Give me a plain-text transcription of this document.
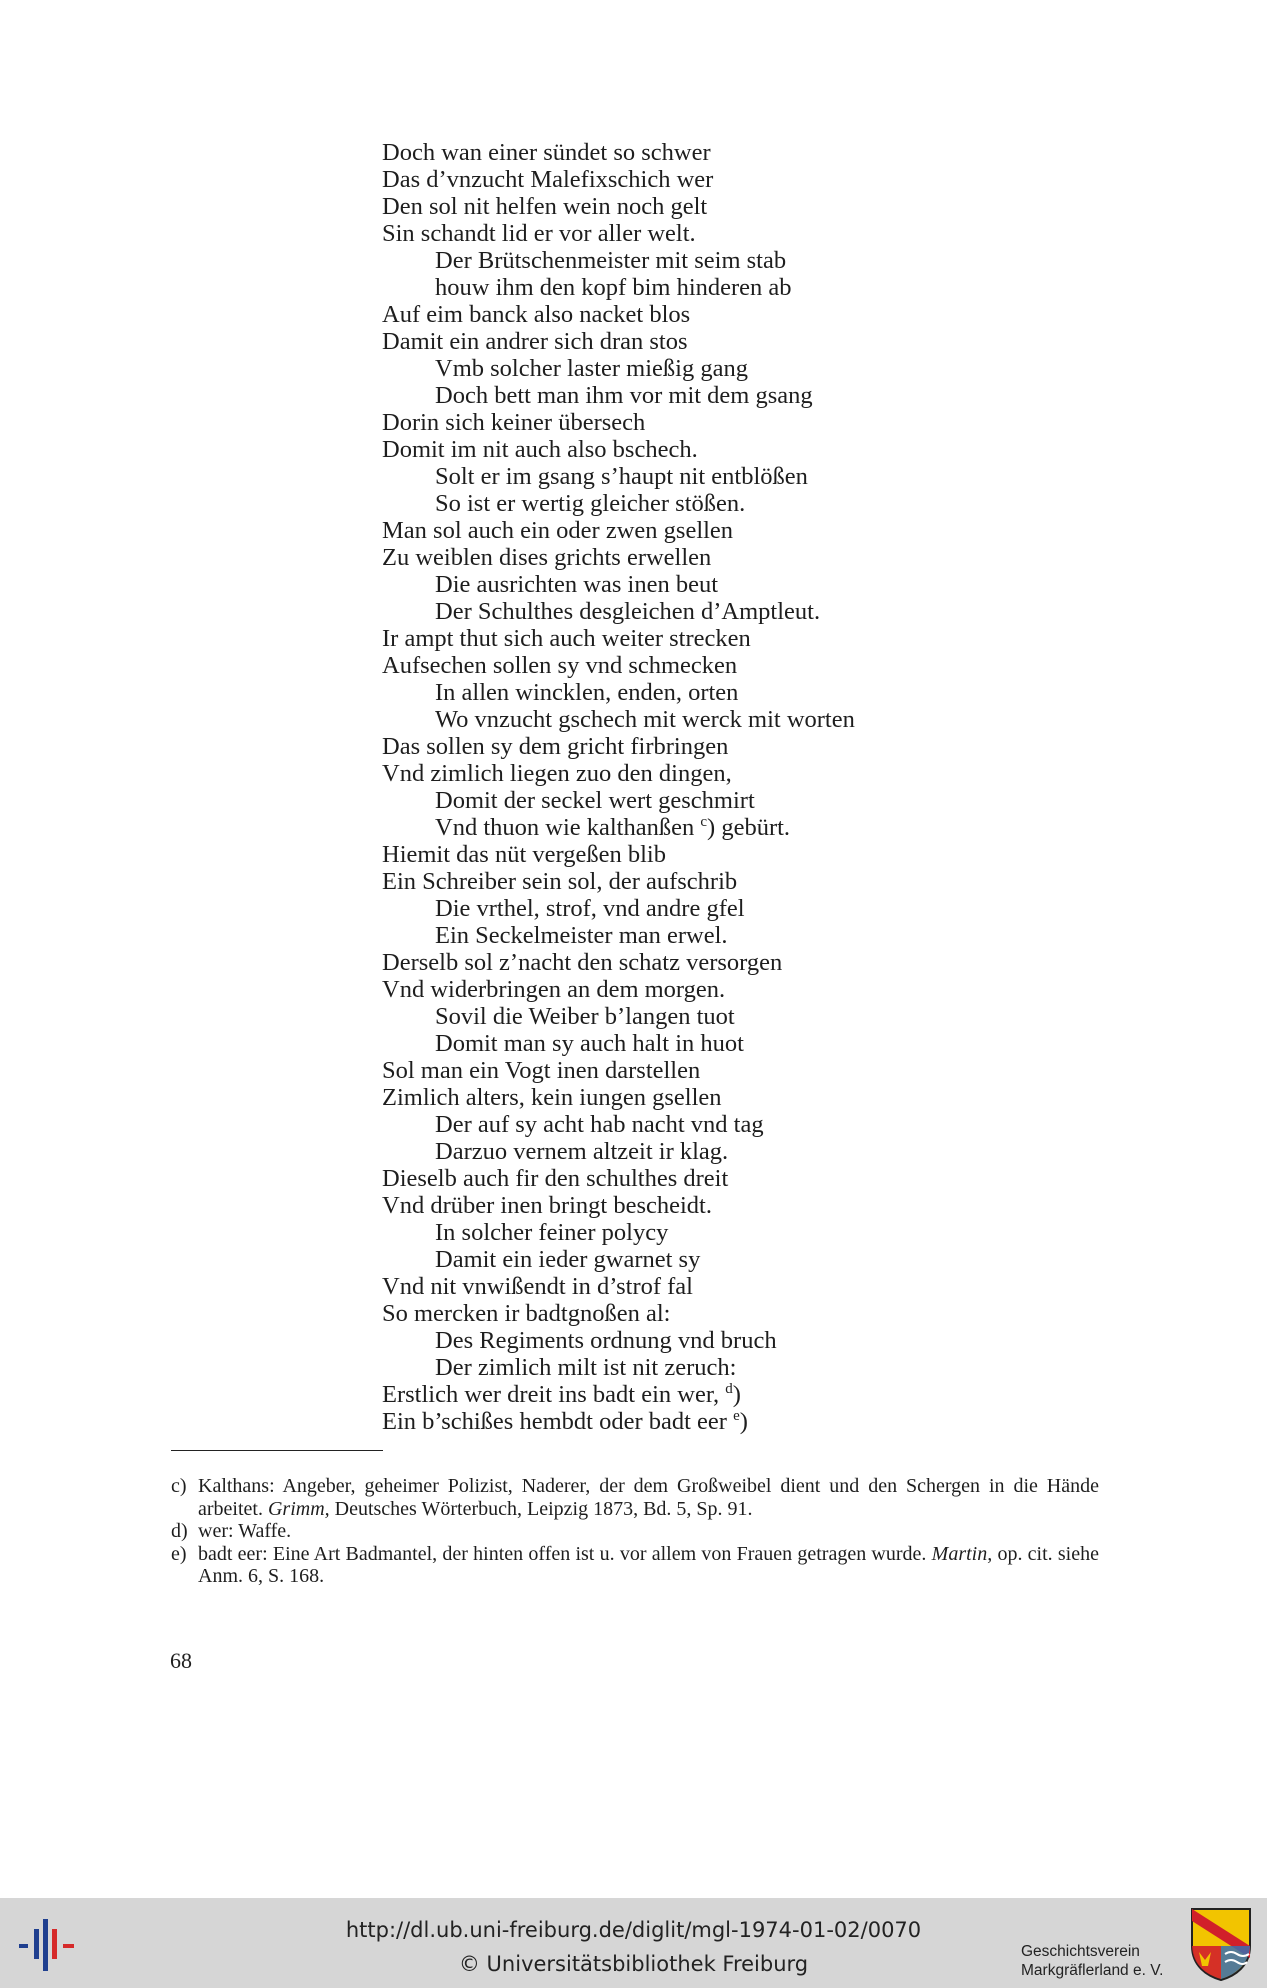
Doch wan einer sündet so schwer
Das d’vnzucht Malefixschich wer
Den sol nit helfen wein noch gelt
Sin schandt lid er vor aller welt.
Der Brütschenmeister mit seim stab
houw ihm den kopf bim hinderen ab
Auf eim banck also nacket blos
Damit ein andrer sich dran stos
Vmb solcher laster mießig gang
Doch bett man ihm vor mit dem gsang
Dorin sich keiner übersech
Domit im nit auch also bschech.
Solt er im gsang s’haupt nit entblößen
So ist er wertig gleicher stößen.
Man sol auch ein oder zwen gsellen
Zu weiblen dises grichts erwellen
Die ausrichten was inen beut
Der Schulthes desgleichen d’Amptleut.
Ir ampt thut sich auch weiter strecken
Aufsechen sollen sy vnd schmecken
In allen wincklen, enden, orten
Wo vnzucht gschech mit werck mit worten
Das sollen sy dem gricht firbringen
Vnd zimlich liegen zuo den dingen,
Domit der seckel wert geschmirt
Vnd thuon wie kalthanßen $^c$) gebürt.
Hiemit das nüt vergeßen blib
Ein Schreiber sein sol, der aufschrib
Die vrthel, strof, vnd andre gfel
Ein Seckelmeister man erwel.
Derselb sol z’nacht den schatz versorgen
Vnd widerbringen an dem morgen.
Sovil die Weiber b’langen tuot
Domit man sy auch halt in huot
Sol man ein Vogt inen darstellen
Zimlich alters, kein iungen gsellen
Der auf sy acht hab nacht vnd tag
Darzuo vernem altzeit ir klag.
Dieselb auch fir den schulthes dreit
Vnd drüber inen bringt bescheidt.
In solcher feiner polycy
Damit ein ieder gwarnet sy
Vnd nit vnwißendt in d’strof fal
So mercken ir badtgnoßen al:
Des Regiments ordnung vnd bruch
Der zimlich milt ist nit zeruch:
Erstlich wer dreit ins badt ein wer, $^d$)
Ein b’schißes hembdt oder badt eer $^e$)
c) Kalthans: Angeber, geheimer Polizist, Naderer, der dem Großweibel dient und den Schergen in die Hände arbeitet. Grimm, Deutsches Wörterbuch, Leipzig 1873, Bd. 5, Sp. 91.
d) wer: Waffe.
e) badt eer: Eine Art Badmantel, der hinten offen ist u. vor allem von Frauen getragen wurde. Martin, op. cit. siehe Anm. 6, S. 168.
68
http://dl.ub.uni-freiburg.de/diglit/mgl-1974-01-02/0070
© Universitätsbibliothek Freiburg
Geschichtsverein
Markgräflerland e. V.
